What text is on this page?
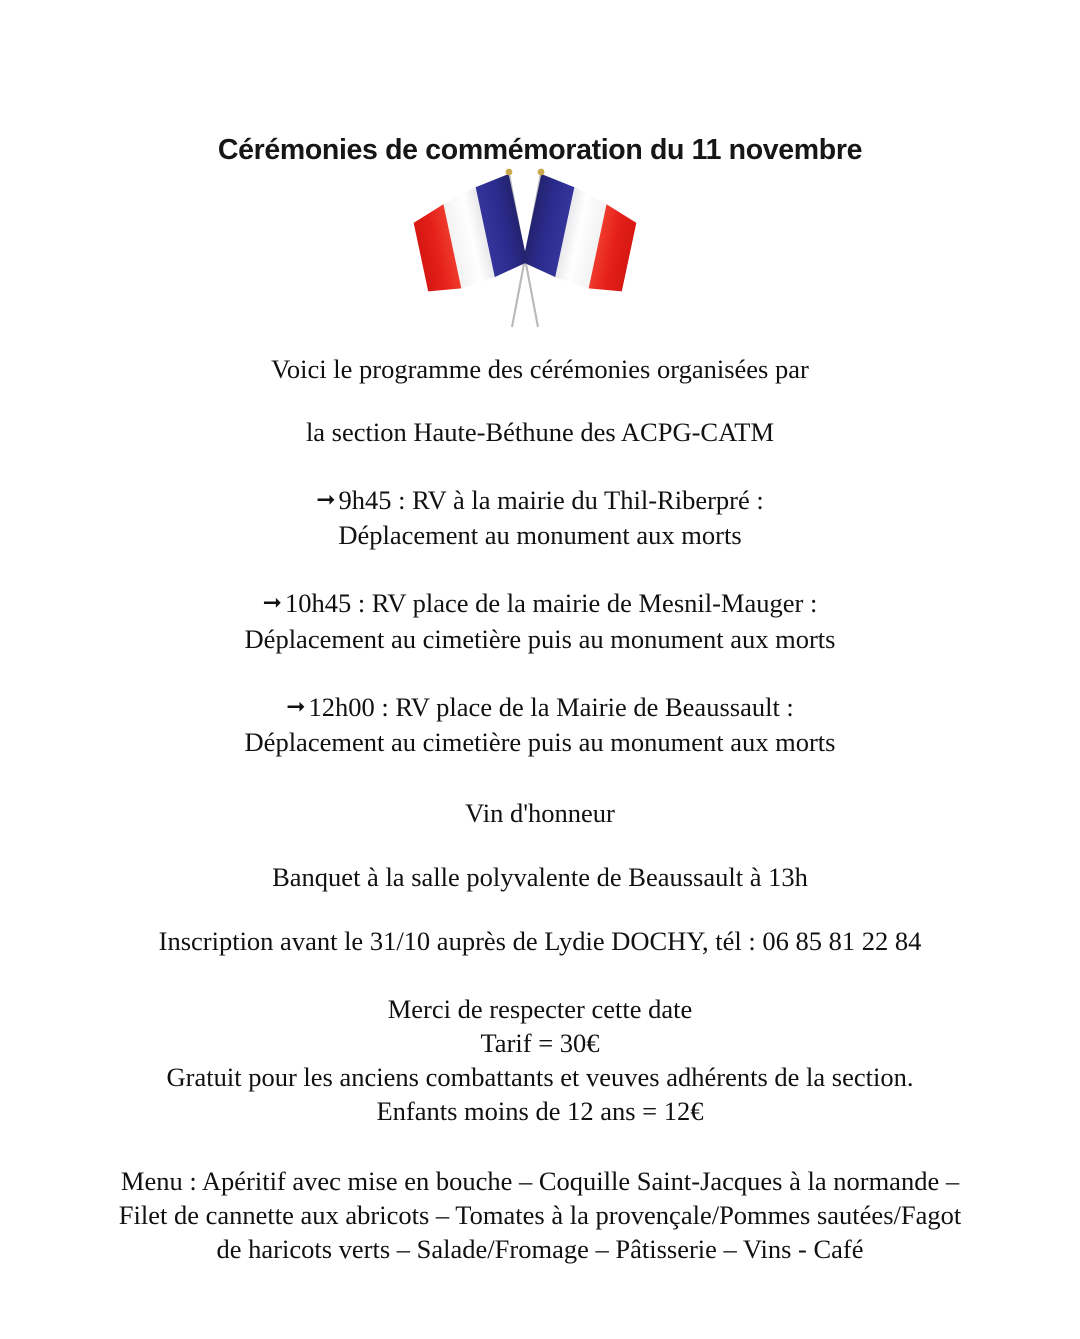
Cérémonies de commémoration du 11 novembre

Voici le programme des cérémonies organisées par

la section Haute-Béthune des ACPG-CATM

➞ 9h45 : RV à la mairie du Thil-Riberpré :
Déplacement au monument aux morts

➞ 10h45 : RV place de la mairie de Mesnil-Mauger :
Déplacement au cimetière puis au monument aux morts

➞ 12h00 : RV place de la Mairie de Beaussault :
Déplacement au cimetière puis au monument aux morts

Vin d'honneur

Banquet à la salle polyvalente de Beaussault à 13h

Inscription avant le 31/10 auprès de Lydie DOCHY, tél : 06 85 81 22 84

Merci de respecter cette date
Tarif = 30€
Gratuit pour les anciens combattants et veuves adhérents de la section.
Enfants moins de 12 ans = 12€
Menu : Apéritif avec mise en bouche – Coquille Saint-Jacques à la normande –
Filet de cannette aux abricots – Tomates à la provençale/Pommes sautées/Fagot
de haricots verts – Salade/Fromage – Pâtisserie – Vins - Café
